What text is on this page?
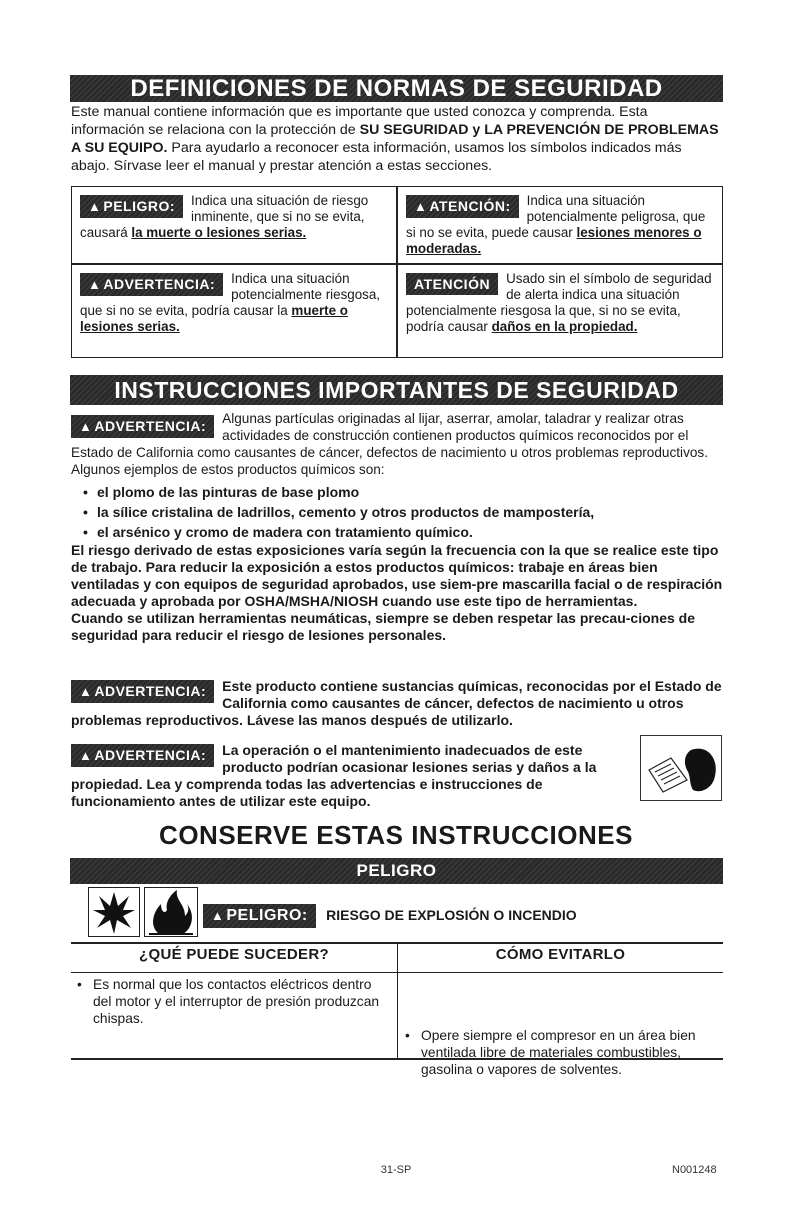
DEFINICIONES DE NORMAS DE SEGURIDAD
Este manual contiene información que es importante que usted conozca y comprenda. Esta información se relaciona con la protección de SU SEGURIDAD y LA PREVENCIÓN DE PROBLEMAS A SU EQUIPO. Para ayudarlo a reconocer esta información, usamos los símbolos indicados más abajo. Sírvase leer el manual y prestar atención a estas secciones.
▲ PELIGRO:	Indica una situación de riesgo inminente, que si no se evita, causará la muerte o lesiones serias.
▲ ATENCIÓN:	Indica una situación potencialmente peligrosa, que si no se evita, puede causar lesiones menores o moderadas.
▲ ADVERTENCIA:	Indica una situación potencialmente riesgosa, que si no se evita, podría causar la muerte o lesiones serias.
ATENCIÓN	Usado sin el símbolo de seguridad de alerta indica una situación potencialmente riesgosa la que, si no se evita, podría causar daños en la propiedad.
INSTRUCCIONES IMPORTANTES DE SEGURIDAD
▲ ADVERTENCIA:	Algunas partículas originadas al lijar, aserrar, amolar, taladrar y realizar otras actividades de construcción contienen productos químicos reconocidos por el Estado de California como causantes de cáncer, defectos de nacimiento u otros problemas reproductivos. Algunos ejemplos de estos productos químicos son:

• el plomo de las pinturas de base plomo
• la sílice cristalina de ladrillos, cemento y otros productos de mampostería,
• el arsénico y cromo de madera con tratamiento químico.

El riesgo derivado de estas exposiciones varía según la frecuencia con la que se realice este tipo de trabajo. Para reducir la exposición a estos productos químicos: trabaje en áreas bien ventiladas y con equipos de seguridad aprobados, use siem-pre mascarilla facial o de respiración adecuada y aprobada por OSHA/MSHA/NIOSH cuando use este tipo de herramientas.

Cuando se utilizan herramientas neumáticas, siempre se deben respetar las precau-ciones de seguridad para reducir el riesgo de lesiones personales.

▲ ADVERTENCIA:	Este producto contiene sustancias químicas, reconocidas por el Estado de California como causantes de cáncer, defectos de nacimiento u otros problemas reproductivos. Lávese las manos después de utilizarlo.

▲ ADVERTENCIA:	La operación o el mantenimiento inadecuados de este producto podrían ocasionar lesiones serias y daños a la propiedad. Lea y comprenda todas las advertencias e instrucciones de funcionamiento antes de utilizar este equipo.

CONSERVE ESTAS INSTRUCCIONES
PELIGRO
▲ PELIGRO: RIESGO DE EXPLOSIÓN O INCENDIO
¿QUÉ PUEDE SUCEDER?	CÓMO EVITARLO
• Es normal que los contactos eléctricos dentro del motor y el interruptor de presión produzcan chispas.
• Opere siempre el compresor en un área bien ventilada libre de materiales combustibles, gasolina o vapores de solventes.
31-SP	N001248
